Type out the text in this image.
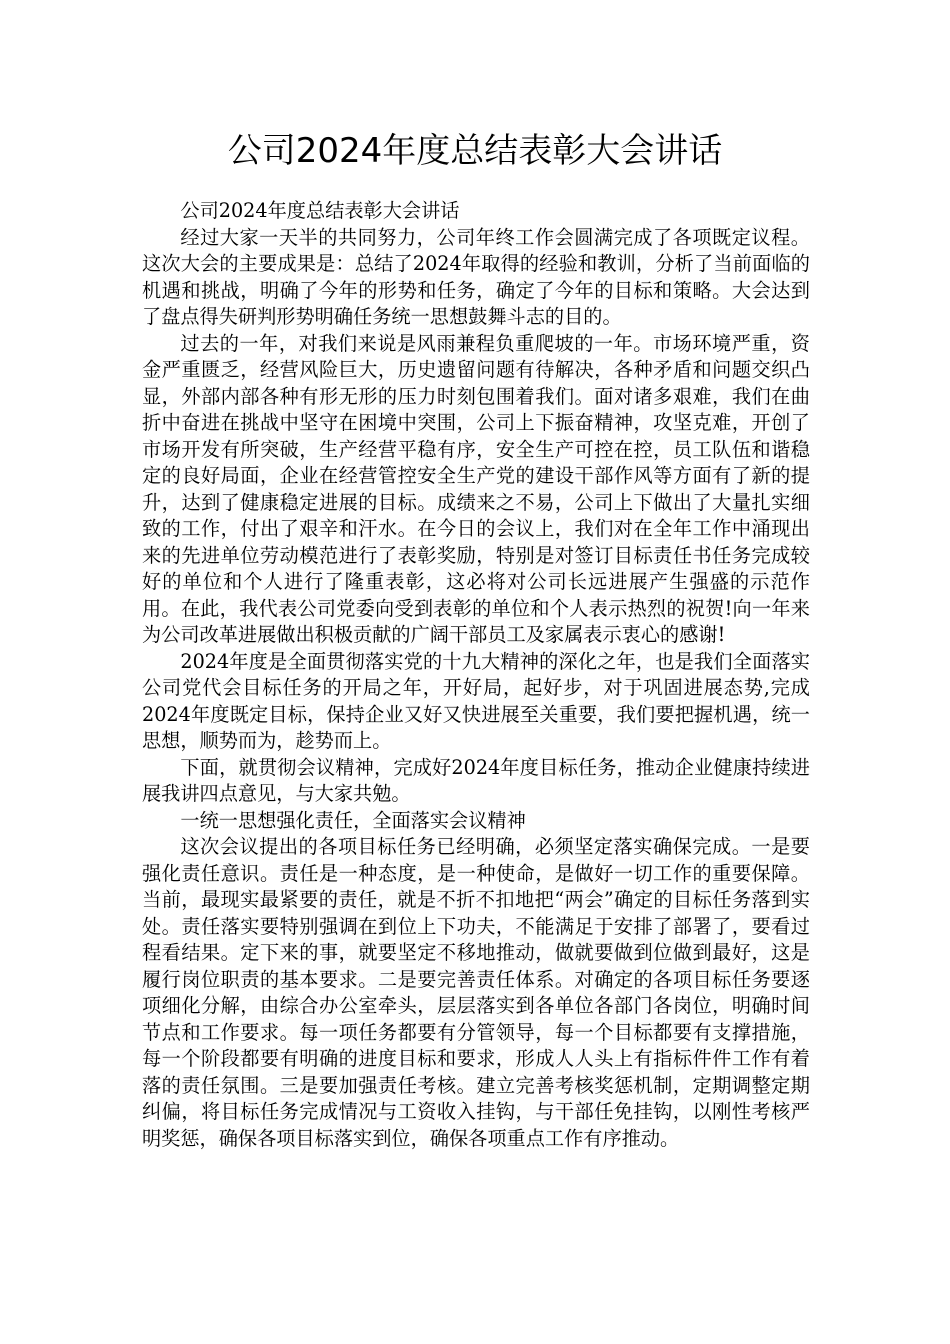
公司2024年度总结表彰大会讲话

公司2024年度总结表彰大会讲话

经过大家一天半的共同努力，公司年终工作会圆满完成了各项既定议程。这次大会的主要成果是：总结了2024年取得的经验和教训，分析了当前面临的机遇和挑战，明确了今年的形势和任务，确定了今年的目标和策略。大会达到了盘点得失研判形势明确任务统一思想鼓舞斗志的目的。

过去的一年，对我们来说是风雨兼程负重爬坡的一年。市场环境严重，资金严重匮乏，经营风险巨大，历史遗留问题有待解决，各种矛盾和问题交织凸显，外部内部各种有形无形的压力时刻包围着我们。面对诸多艰难，我们在曲折中奋进在挑战中坚守在困境中突围，公司上下振奋精神，攻坚克难，开创了市场开发有所突破，生产经营平稳有序，安全生产可控在控，员工队伍和谐稳定的良好局面，企业在经营管控安全生产党的建设干部作风等方面有了新的提升，达到了健康稳定进展的目标。成绩来之不易，公司上下做出了大量扎实细致的工作，付出了艰辛和汗水。在今日的会议上，我们对在全年工作中涌现出来的先进单位劳动模范进行了表彰奖励，特别是对签订目标责任书任务完成较好的单位和个人进行了隆重表彰，这必将对公司长远进展产生强盛的示范作用。在此，我代表公司党委向受到表彰的单位和个人表示热烈的祝贺!向一年来为公司改革进展做出积极贡献的广阔干部员工及家属表示衷心的感谢!

2024年度是全面贯彻落实党的十九大精神的深化之年，也是我们全面落实公司党代会目标任务的开局之年，开好局，起好步，对于巩固进展态势,完成2024年度既定目标，保持企业又好又快进展至关重要，我们要把握机遇，统一思想，顺势而为，趁势而上。

下面，就贯彻会议精神，完成好2024年度目标任务，推动企业健康持续进展我讲四点意见，与大家共勉。

一统一思想强化责任，全面落实会议精神

这次会议提出的各项目标任务已经明确，必须坚定落实确保完成。一是要强化责任意识。责任是一种态度，是一种使命，是做好一切工作的重要保障。当前，最现实最紧要的责任，就是不折不扣地把“两会”确定的目标任务落到实处。责任落实要特别强调在到位上下功夫，不能满足于安排了部署了，要看过程看结果。定下来的事，就要坚定不移地推动，做就要做到位做到最好，这是履行岗位职责的基本要求。二是要完善责任体系。对确定的各项目标任务要逐项细化分解，由综合办公室牵头，层层落实到各单位各部门各岗位，明确时间节点和工作要求。每一项任务都要有分管领导，每一个目标都要有支撑措施，每一个阶段都要有明确的进度目标和要求，形成人人头上有指标件件工作有着落的责任氛围。三是要加强责任考核。建立完善考核奖惩机制，定期调整定期纠偏，将目标任务完成情况与工资收入挂钩，与干部任免挂钩，以刚性考核严明奖惩，确保各项目标落实到位，确保各项重点工作有序推动。
